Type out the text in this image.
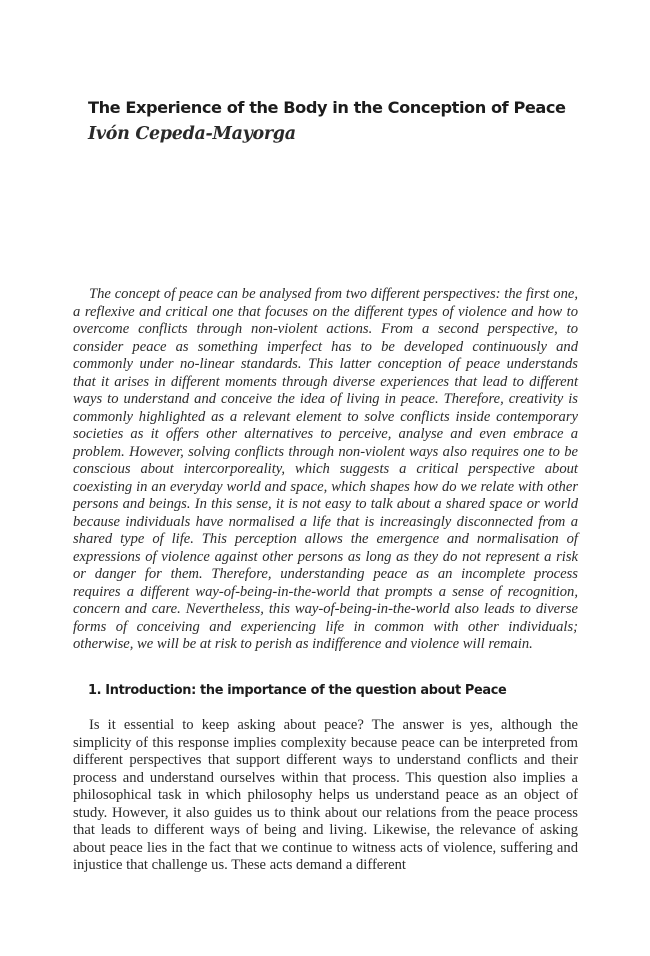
The Experience of the Body in the Conception of Peace
Ivón Cepeda-Mayorga

The concept of peace can be analysed from two different perspectives: the first one, a reflexive and critical one that focuses on the different types of violence and how to overcome conflicts through non-violent actions. From a second perspective, to consider peace as something imperfect has to be developed continuously and commonly under no-linear standards. This latter conception of peace understands that it arises in different moments through diverse experiences that lead to different ways to understand and conceive the idea of living in peace. Therefore, creativity is commonly highlighted as a relevant element to solve conflicts inside contemporary societies as it offers other alternatives to perceive, analyse and even embrace a problem. However, solving conflicts through non-violent ways also requires one to be conscious about intercorporeality, which suggests a critical perspective about coexisting in an everyday world and space, which shapes how do we relate with other persons and beings. In this sense, it is not easy to talk about a shared space or world because individuals have normalised a life that is increasingly disconnected from a shared type of life. This perception allows the emergence and normalisation of expressions of violence against other persons as long as they do not represent a risk or danger for them. Therefore, understanding peace as an incomplete process requires a different way-of-being-in-the-world that prompts a sense of recognition, concern and care. Nevertheless, this way-of-being-in-the-world also leads to diverse forms of conceiving and experiencing life in common with other individuals; otherwise, we will be at risk to perish as indifference and violence will remain.

1. Introduction: the importance of the question about Peace

Is it essential to keep asking about peace? The answer is yes, although the simplicity of this response implies complexity because peace can be interpreted from different perspectives that support different ways to understand conflicts and their process and understand ourselves within that process. This question also implies a philosophical task in which philosophy helps us understand peace as an object of study. However, it also guides us to think about our relations from the peace process that leads to different ways of being and living. Likewise, the relevance of asking about peace lies in the fact that we continue to witness acts of violence, suffering and injustice that challenge us. These acts demand a different
